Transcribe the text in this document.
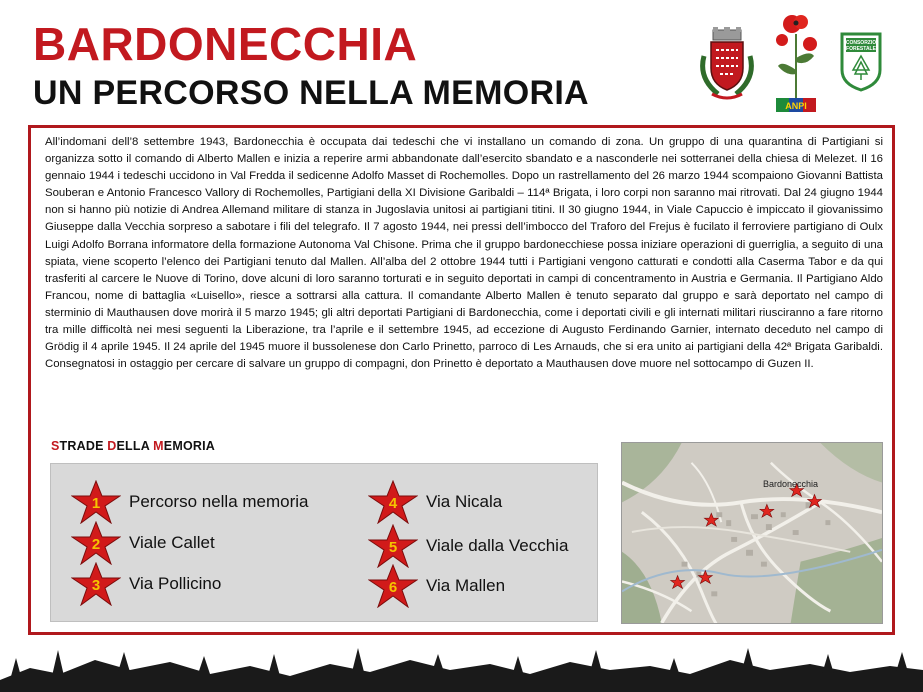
BARDONECCHIA
UN PERCORSO NELLA MEMORIA	ANPI
CONSORZIO
FORESTALE

All’indomani dell’8 settembre 1943, Bardonecchia è occupata dai tedeschi che vi installano un comando di zona. Un gruppo di una quarantina di Partigiani si organizza sotto il comando di Alberto Mallen e inizia a reperire armi abbandonate dall’esercito sbandato e a nasconderle nei sotterranei della chiesa di Melezet. Il 16 gennaio 1944 i tedeschi uccidono in Val Fredda il sedicenne Adolfo Masset di Rochemolles. Dopo un rastrellamento del 26 marzo 1944 scompaiono Giovanni Battista Souberan e Antonio Francesco Vallory di Rochemolles, Partigiani della XI Divisione Garibaldi – 114ª Brigata, i loro corpi non saranno mai ritrovati. Dal 24 giugno 1944 non si hanno più notizie di Andrea Allemand militare di stanza in Jugoslavia unitosi ai partigiani titini. Il 30 giugno 1944, in Viale Capuccio è impiccato il giovanissimo Giuseppe dalla Vecchia sorpreso a sabotare i fili del telegrafo. Il 7 agosto 1944, nei pressi dell’imbocco del Traforo del Frejus è fucilato il ferroviere partigiano di Oulx Luigi Adolfo Borrana informatore della formazione Autonoma Val Chisone. Prima che il gruppo bardonecchiese possa iniziare operazioni di guerriglia, a seguito di una spiata, viene scoperto l’elenco dei Partigiani tenuto dal Mallen. All’alba del 2 ottobre 1944 tutti i Partigiani vengono catturati e condotti alla Caserma Tabor e da qui trasferiti al carcere le Nuove di Torino, dove alcuni di loro saranno torturati e in seguito deportati in campi di concentramento in Austria e Germania. Il Partigiano Aldo Francou, nome di battaglia «Luisello», riesce a sottrarsi alla cattura. Il comandante Alberto Mallen è tenuto separato dal gruppo e sarà deportato nel campo di sterminio di Mauthausen dove morirà il 5 marzo 1945; gli altri deportati Partigiani di Bardonecchia, come i deportati civili e gli internati militari riusciranno a fare ritorno tra mille difficoltà nei mesi seguenti la Liberazione, tra l’aprile e il settembre 1945, ad eccezione di Augusto Ferdinando Garnier, internato deceduto nel campo di Grödig il 4 aprile 1945. Il 24 aprile del 1945 muore il bussolenese don Carlo Prinetto, parroco di Les Arnauds, che si era unito ai partigiani della 42ª Brigata Garibaldi. Consegnatosi in ostaggio per cercare di salvare un gruppo di compagni, don Prinetto è deportato a Mauthausen dove muore nel sottocampo di Guzen II.

STRADE DELLA MEMORIA
1	Percorso nella memoria
2	Viale Callet
3	Via Pollicino
4	Via Nicala
5	Viale dalla Vecchia
6	Via Mallen
Bardonecchia
